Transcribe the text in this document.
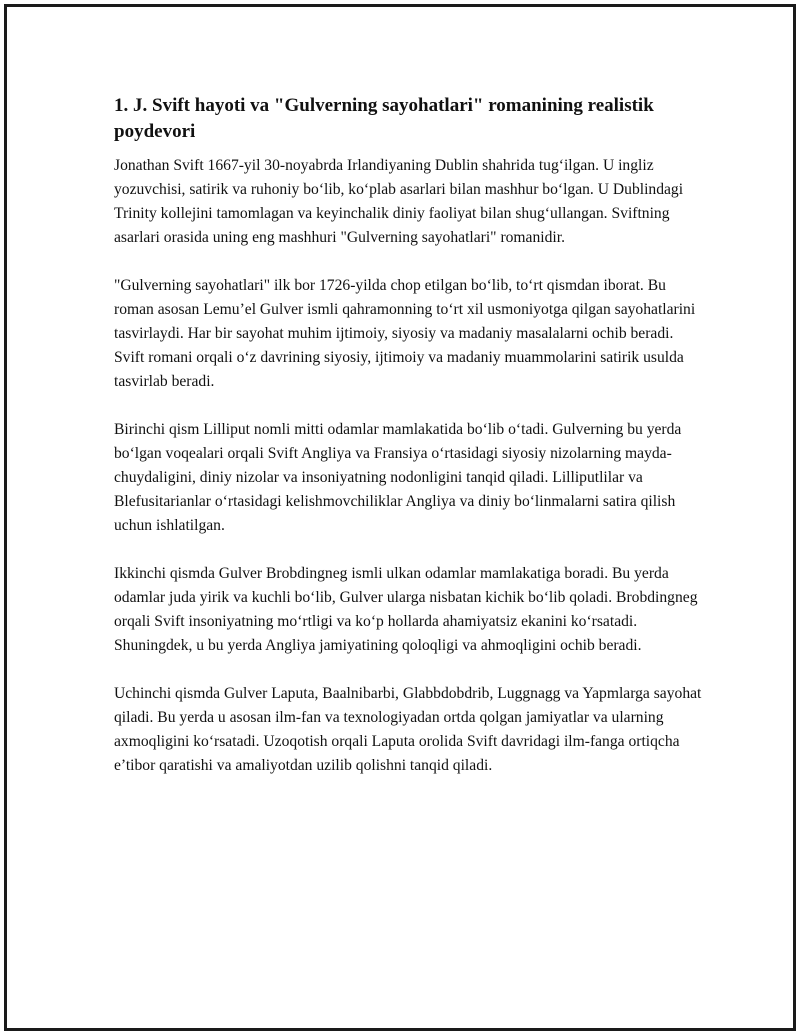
1. J. Svift hayoti va "Gulverning sayohatlari" romanining realistik poydevori

Jonathan Svift 1667-yil 30-noyabrda Irlandiyaning Dublin shahrida tug‘ilgan. U ingliz yozuvchisi, satirik va ruhoniy bo‘lib, ko‘plab asarlari bilan mashhur bo‘lgan. U Dublindagi Trinity kollejini tamomlagan va keyinchalik diniy faoliyat bilan shug‘ullangan. Sviftning asarlari orasida uning eng mashhuri "Gulverning sayohatlari" romanidir.

"Gulverning sayohatlari" ilk bor 1726-yilda chop etilgan bo‘lib, to‘rt qismdan iborat. Bu roman asosan Lemu’el Gulver ismli qahramonning to‘rt xil usmoniyotga qilgan sayohatlarini tasvirlaydi. Har bir sayohat muhim ijtimoiy, siyosiy va madaniy masalalarni ochib beradi. Svift romani orqali o‘z davrining siyosiy, ijtimoiy va madaniy muammolarini satirik usulda tasvirlab beradi.

Birinchi qism Lilliput nomli mitti odamlar mamlakatida bo‘lib o‘tadi. Gulverning bu yerda bo‘lgan voqealari orqali Svift Angliya va Fransiya o‘rtasidagi siyosiy nizolarning mayda-chuydaligini, diniy nizolar va insoniyatning nodonligini tanqid qiladi. Lilliputlilar va Blefusitarianlar o‘rtasidagi kelishmovchiliklar Angliya va diniy bo‘linmalarni satira qilish uchun ishlatilgan.

Ikkinchi qismda Gulver Brobdingneg ismli ulkan odamlar mamlakatiga boradi. Bu yerda odamlar juda yirik va kuchli bo‘lib, Gulver ularga nisbatan kichik bo‘lib qoladi. Brobdingneg orqali Svift insoniyatning mo‘rtligi va ko‘p hollarda ahamiyatsiz ekanini ko‘rsatadi. Shuningdek, u bu yerda Angliya jamiyatining qoloqligi va ahmoqligini ochib beradi.

Uchinchi qismda Gulver Laputa, Baalnibarbi, Glabbdobdrib, Luggnagg va Yapmlarga sayohat qiladi. Bu yerda u asosan ilm-fan va texnologiyadan ortda qolgan jamiyatlar va ularning axmoqligini ko‘rsatadi. Uzoqotish orqali Laputa orolida Svift davridagi ilm-fanga ortiqcha e’tibor qaratishi va amaliyotdan uzilib qolishni tanqid qiladi.
